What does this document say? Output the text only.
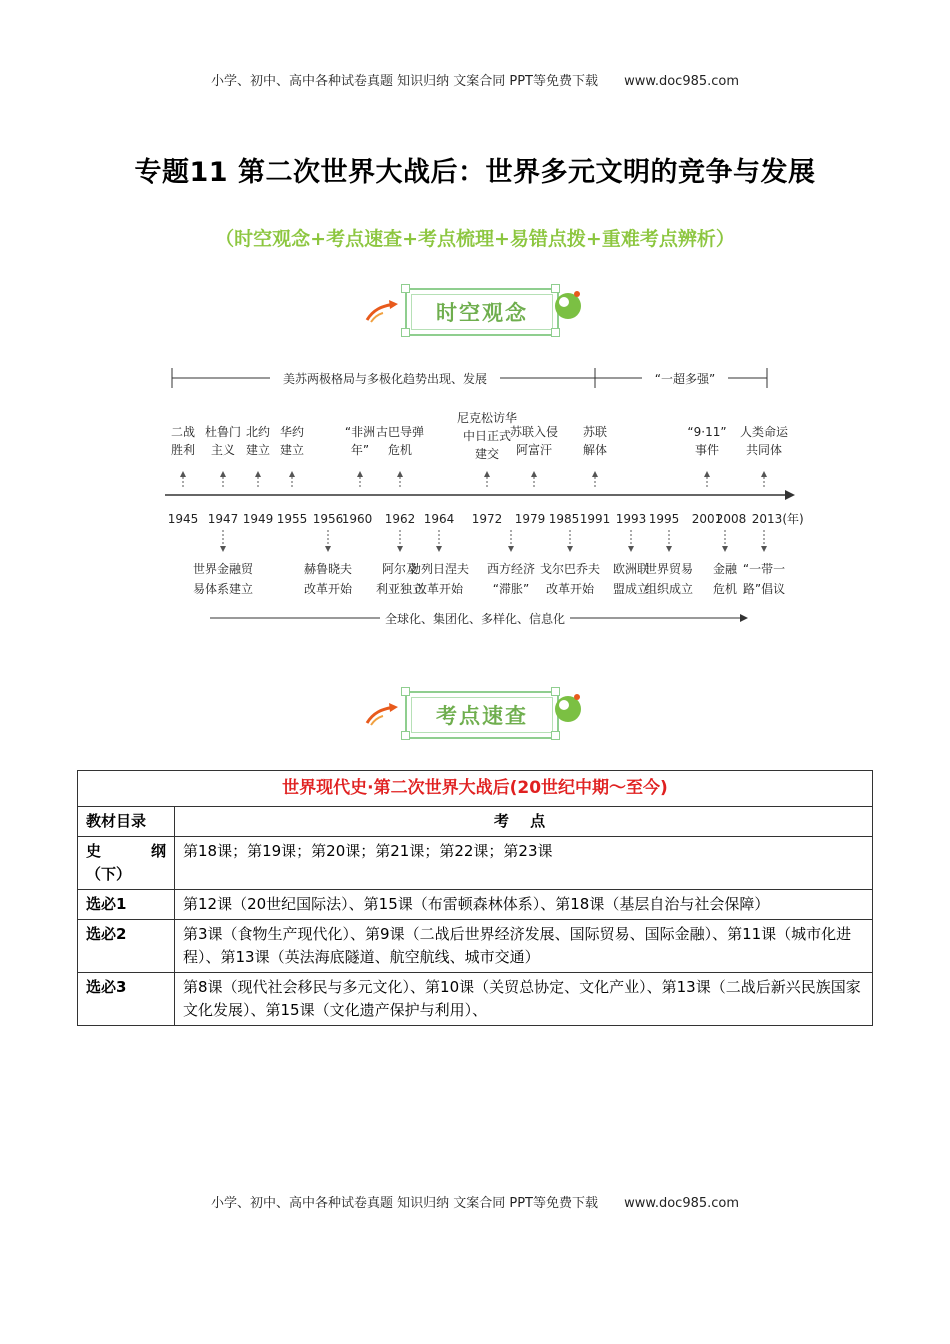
小学、初中、高中各种试卷真题 知识归纳 文案合同 PPT等免费下载 www.doc985.com
专题11 第二次世界大战后：世界多元文明的竞争与发展
（时空观念+考点速查+考点梳理+易错点拨+重难考点辨析）
时空观念
美苏两极格局与多极化趋势出现、发展	“一超多强”
(年)
1945 1947 1949 1955 1956
1960 1962 1964 1972 1979 1985 1991 1993 1995 2001
2008 2013
二战
胜利
杜鲁门
主义
北约
建立
华约
建立
“非洲
年”
古巴导弹
危机
尼克松访华
中日正式
建交
苏联入侵
阿富汗
苏联
解体
“9·11”
事件
人类命运
共同体
世界金融贸
易体系建立
赫鲁晓夫
改革开始
阿尔及
利亚独立
勃列日涅夫
改革开始
西方经济
“滞胀”
戈尔巴乔夫
改革开始
欧洲联
盟成立
世界贸易
组织成立
金融
危机
“一带一
路”倡议
全球化、集团化、多样化、信息化
考点速查
世界现代史·第二次世界大战后(20世纪中期～至今)	
教材目录	考 点

史 纲
（下）	第18课；第19课；第20课；第21课；第22课；第23课
选必1	第12课（20世纪国际法）、第15课（布雷顿森林体系）、第18课（基层自治与社会保障）
选必2	第3课（食物生产现代化）、第9课（二战后世界经济发展、国际贸易、国际金融）、第11课（城市化进程）、第13课（英法海底隧道、航空航线、城市交通）
选必3	第8课（现代社会移民与多元文化）、第10课（关贸总协定、文化产业）、第13课（二战后新兴民族国家文化发展）、第15课（文化遗产保护与利用）、
小学、初中、高中各种试卷真题 知识归纳 文案合同 PPT等免费下载 www.doc985.com
